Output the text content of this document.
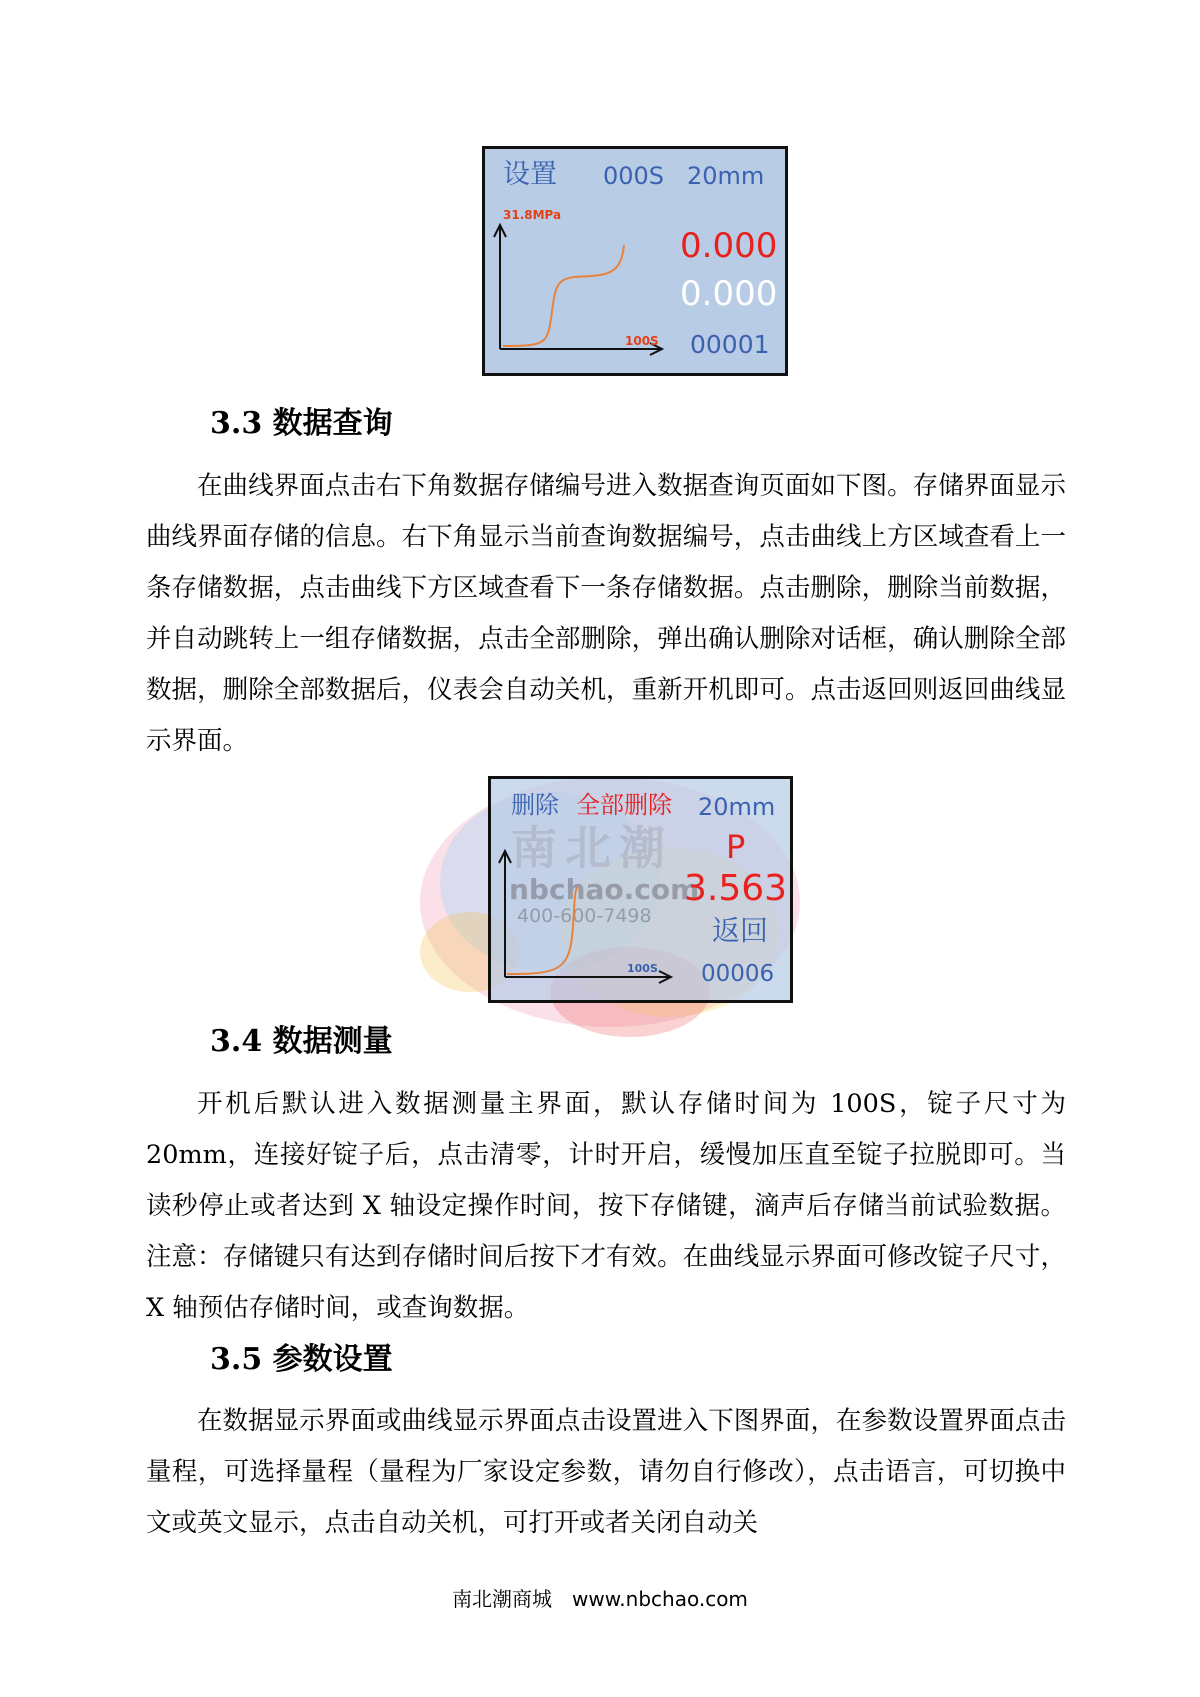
设置 000S 20mm
31.8MPa
100S
0.000
0.000
00001
3.3 数据查询

在曲线界面点击右下角数据存储编号进入数据查询页面如下图。存储界面显示曲线界面存储的信息。右下角显示当前查询数据编号，点击曲线上方区域查看上一条存储数据，点击曲线下方区域查看下一条存储数据。点击删除，删除当前数据，并自动跳转上一组存储数据，点击全部删除，弹出确认删除对话框，确认删除全部数据，删除全部数据后，仪表会自动关机，重新开机即可。点击返回则返回曲线显示界面。

删除 全部删除 20mm
南北潮
nbchao.com
400-600-7498
100S
P
3.563
返回
00006
3.4 数据测量

开机后默认进入数据测量主界面，默认存储时间为 100S，锭子尺寸为20mm，连接好锭子后，点击清零，计时开启，缓慢加压直至锭子拉脱即可。当读秒停止或者达到 X 轴设定操作时间，按下存储键，滴声后存储当前试验数据。注意：存储键只有达到存储时间后按下才有效。在曲线显示界面可修改锭子尺寸，X 轴预估存储时间，或查询数据。

3.5 参数设置

在数据显示界面或曲线显示界面点击设置进入下图界面，在参数设置界面点击量程，可选择量程（量程为厂家设定参数，请勿自行修改），点击语言，可切换中文或英文显示，点击自动关机，可打开或者关闭自动关

南北潮商城　www.nbchao.com
